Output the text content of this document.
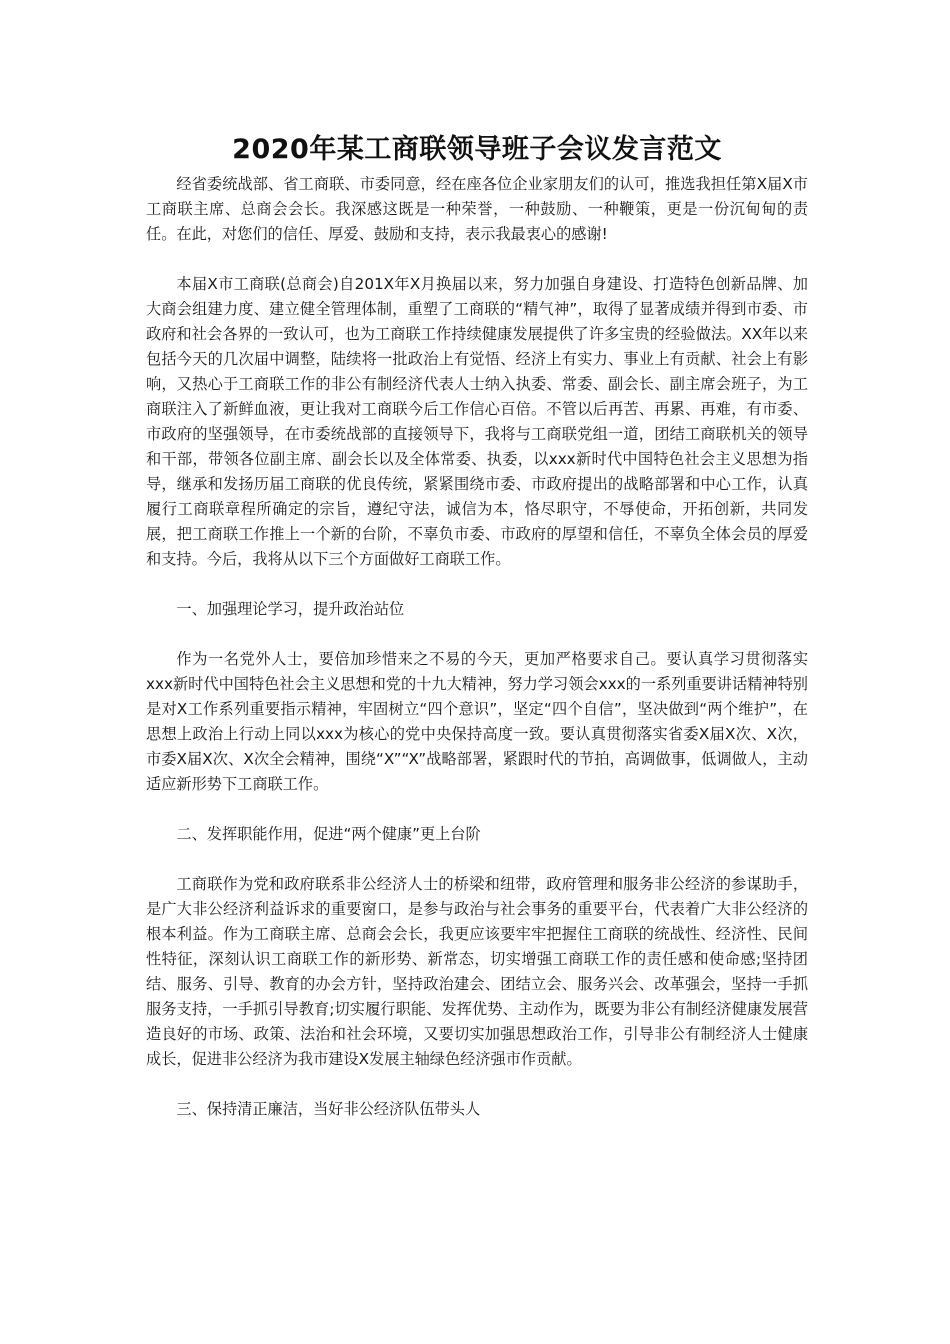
2020年某工商联领导班子会议发言范文

经省委统战部、省工商联、市委同意，经在座各位企业家朋友们的认可，推选我担任第X届X市工商联主席、总商会会长。我深感这既是一种荣誉，一种鼓励、一种鞭策，更是一份沉甸甸的责任。在此，对您们的信任、厚爱、鼓励和支持，表示我最衷心的感谢!

本届X市工商联(总商会)自201X年X月换届以来，努力加强自身建设、打造特色创新品牌、加大商会组建力度、建立健全管理体制，重塑了工商联的“精气神”，取得了显著成绩并得到市委、市政府和社会各界的一致认可，也为工商联工作持续健康发展提供了许多宝贵的经验做法。XX年以来包括今天的几次届中调整，陆续将一批政治上有觉悟、经济上有实力、事业上有贡献、社会上有影响，又热心于工商联工作的非公有制经济代表人士纳入执委、常委、副会长、副主席会班子，为工商联注入了新鲜血液，更让我对工商联今后工作信心百倍。不管以后再苦、再累、再难，有市委、市政府的坚强领导，在市委统战部的直接领导下，我将与工商联党组一道，团结工商联机关的领导和干部，带领各位副主席、副会长以及全体常委、执委，以xxx新时代中国特色社会主义思想为指导，继承和发扬历届工商联的优良传统，紧紧围绕市委、市政府提出的战略部署和中心工作，认真履行工商联章程所确定的宗旨，遵纪守法，诚信为本，恪尽职守，不辱使命，开拓创新，共同发展，把工商联工作推上一个新的台阶，不辜负市委、市政府的厚望和信任，不辜负全体会员的厚爱和支持。今后，我将从以下三个方面做好工商联工作。

一、加强理论学习，提升政治站位

作为一名党外人士，要倍加珍惜来之不易的今天，更加严格要求自己。要认真学习贯彻落实xxx新时代中国特色社会主义思想和党的十九大精神，努力学习领会xxx的一系列重要讲话精神特别是对X工作系列重要指示精神，牢固树立“四个意识”，坚定“四个自信”，坚决做到“两个维护”，在思想上政治上行动上同以xxx为核心的党中央保持高度一致。要认真贯彻落实省委X届X次、X次，市委X届X次、X次全会精神，围绕“X”“X”战略部署，紧跟时代的节拍，高调做事，低调做人，主动适应新形势下工商联工作。

二、发挥职能作用，促进“两个健康”更上台阶

工商联作为党和政府联系非公经济人士的桥梁和纽带，政府管理和服务非公经济的参谋助手，是广大非公经济利益诉求的重要窗口，是参与政治与社会事务的重要平台，代表着广大非公经济的根本利益。作为工商联主席、总商会会长，我更应该要牢牢把握住工商联的统战性、经济性、民间性特征，深刻认识工商联工作的新形势、新常态，切实增强工商联工作的责任感和使命感;坚持团结、服务、引导、教育的办会方针，坚持政治建会、团结立会、服务兴会、改革强会，坚持一手抓服务支持，一手抓引导教育;切实履行职能、发挥优势、主动作为，既要为非公有制经济健康发展营造良好的市场、政策、法治和社会环境，又要切实加强思想政治工作，引导非公有制经济人士健康成长，促进非公经济为我市建设X发展主轴绿色经济强市作贡献。

三、保持清正廉洁，当好非公经济队伍带头人
